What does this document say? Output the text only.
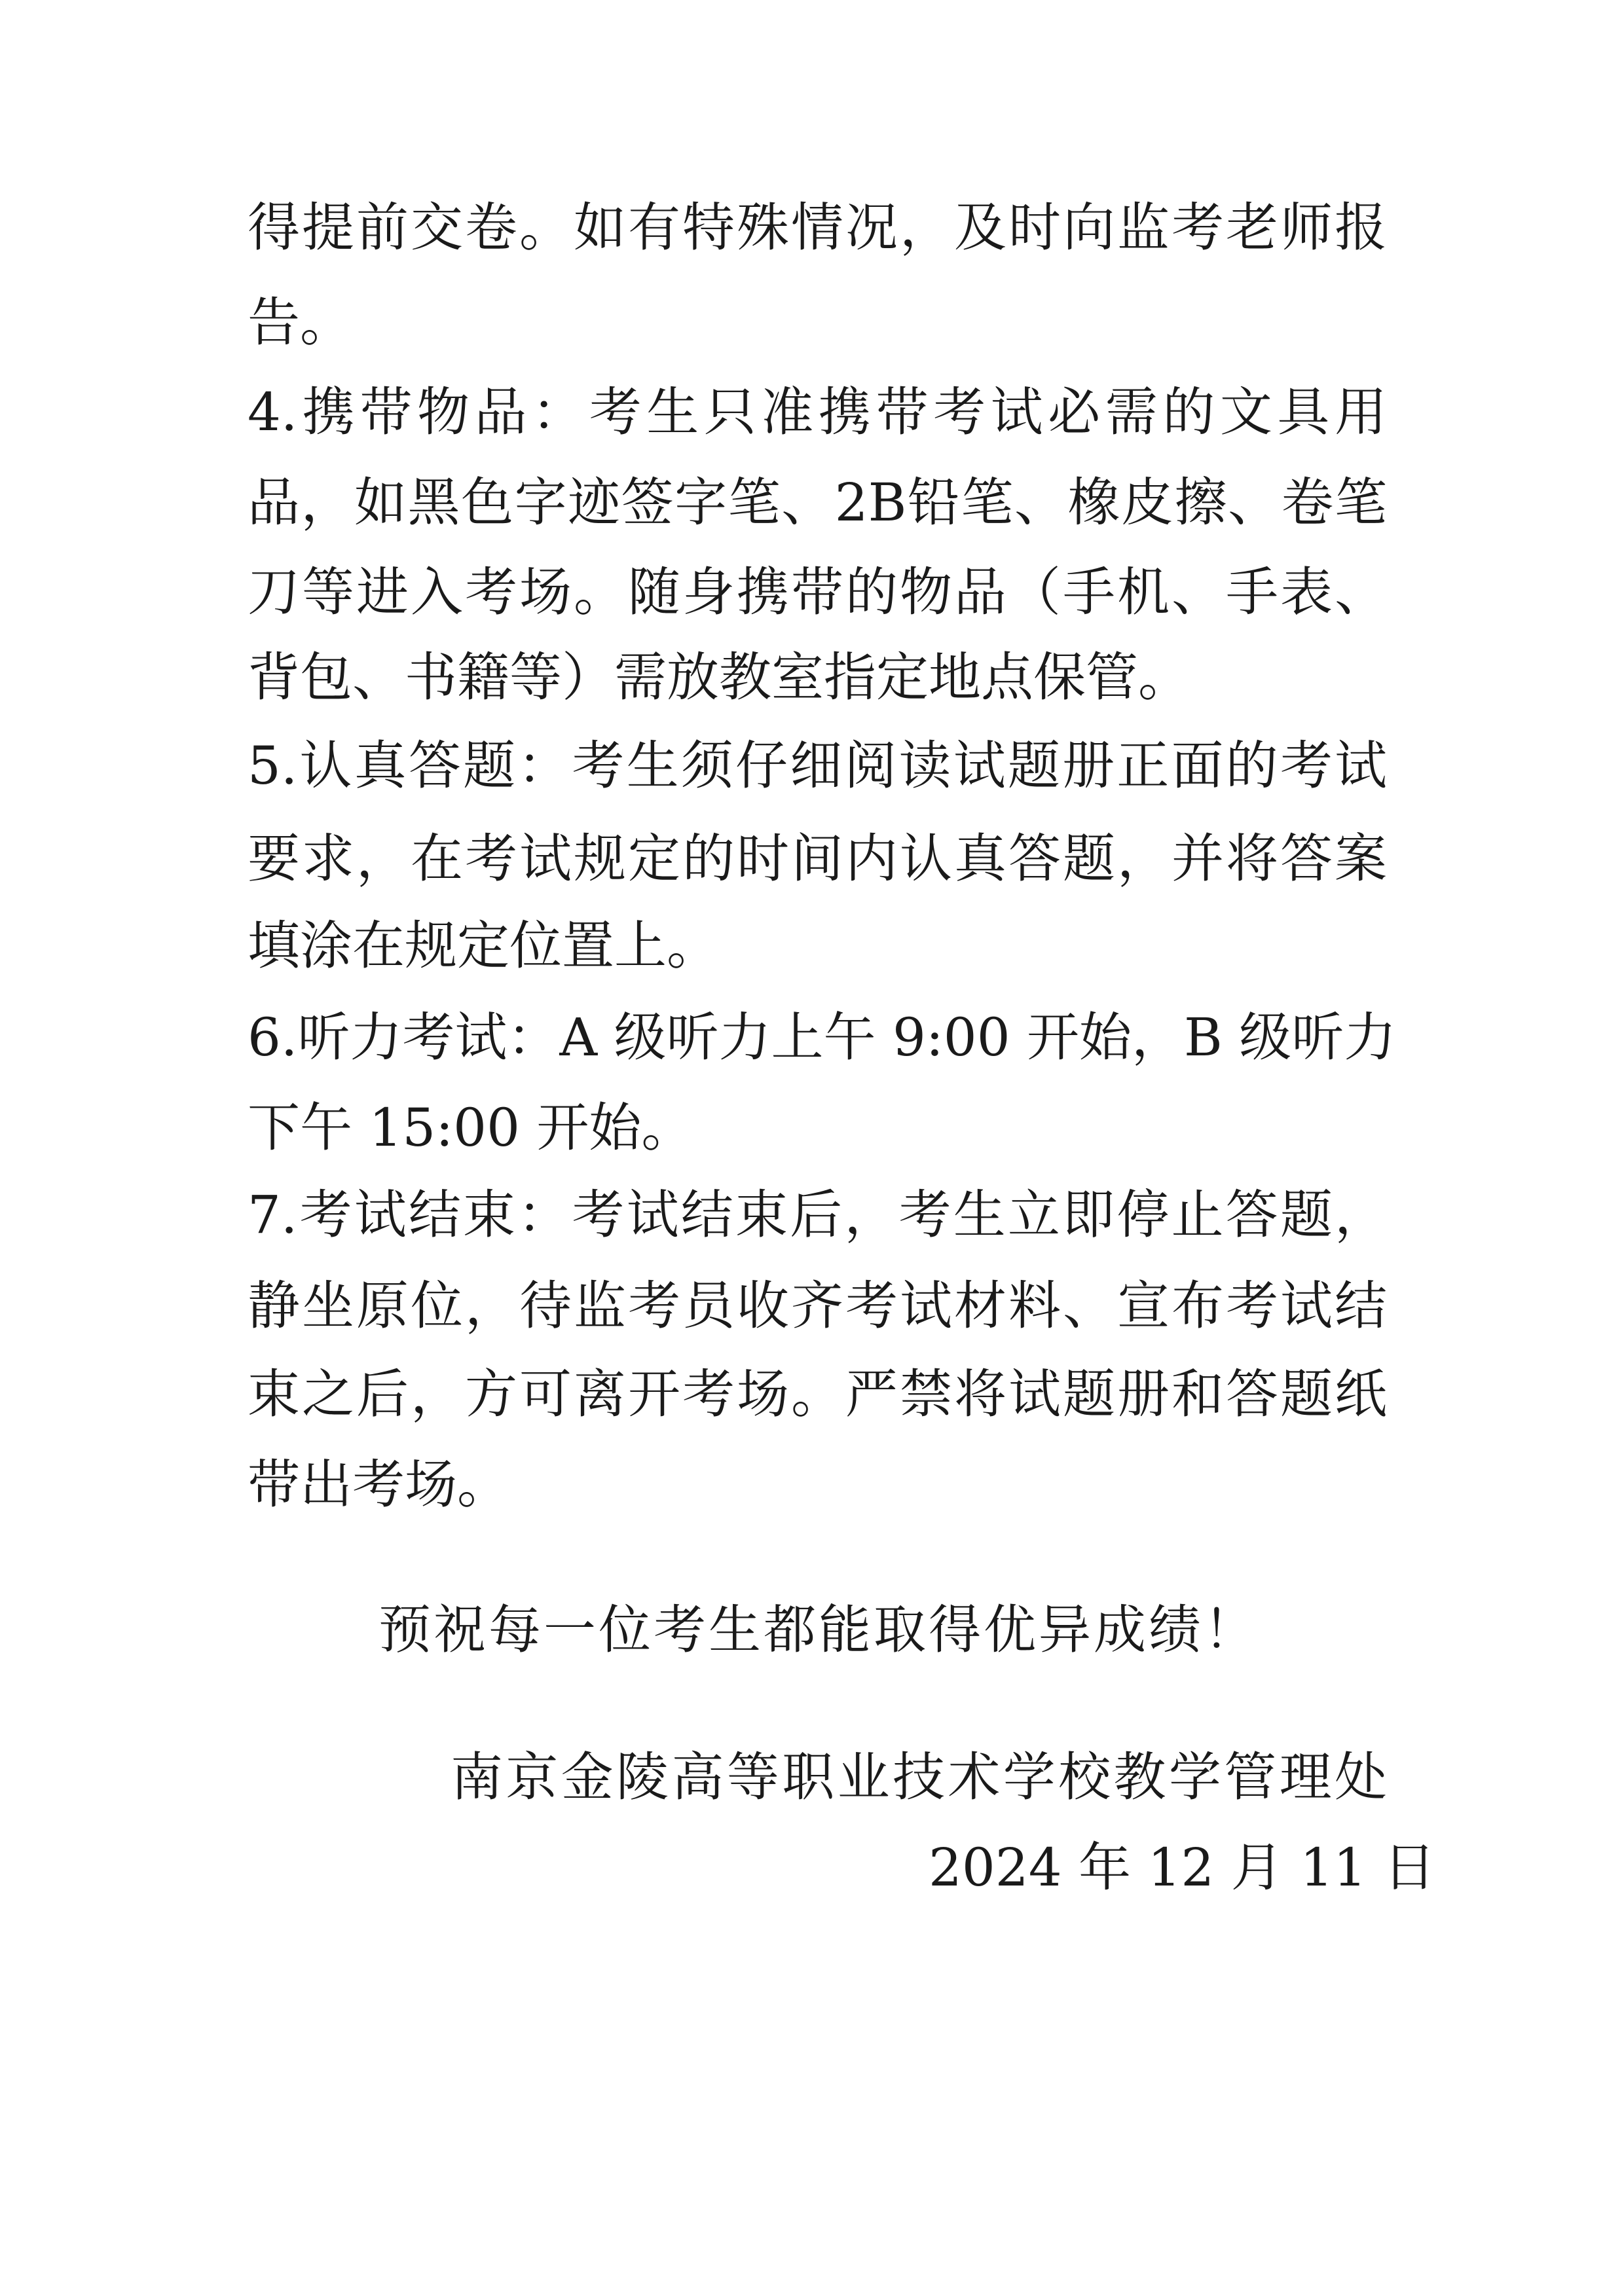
得提前交卷。如有特殊情况，及时向监考老师报
告。
4.携带物品：考生只准携带考试必需的文具用
品，如黑色字迹签字笔、2B铅笔、橡皮擦、卷笔
刀等进入考场。随身携带的物品（手机、手表、
背包、书籍等）需放教室指定地点保管。
5.认真答题：考生须仔细阅读试题册正面的考试
要求，在考试规定的时间内认真答题，并将答案
填涂在规定位置上。
6.听力考试：A 级听力上午 9:00 开始，B 级听力
下午 15:00 开始。
7.考试结束：考试结束后，考生立即停止答题，
静坐原位，待监考员收齐考试材料、宣布考试结
束之后，方可离开考场。严禁将试题册和答题纸
带出考场。
预祝每一位考生都能取得优异成绩！
南京金陵高等职业技术学校教学管理处
2024 年 12 月 11 日
